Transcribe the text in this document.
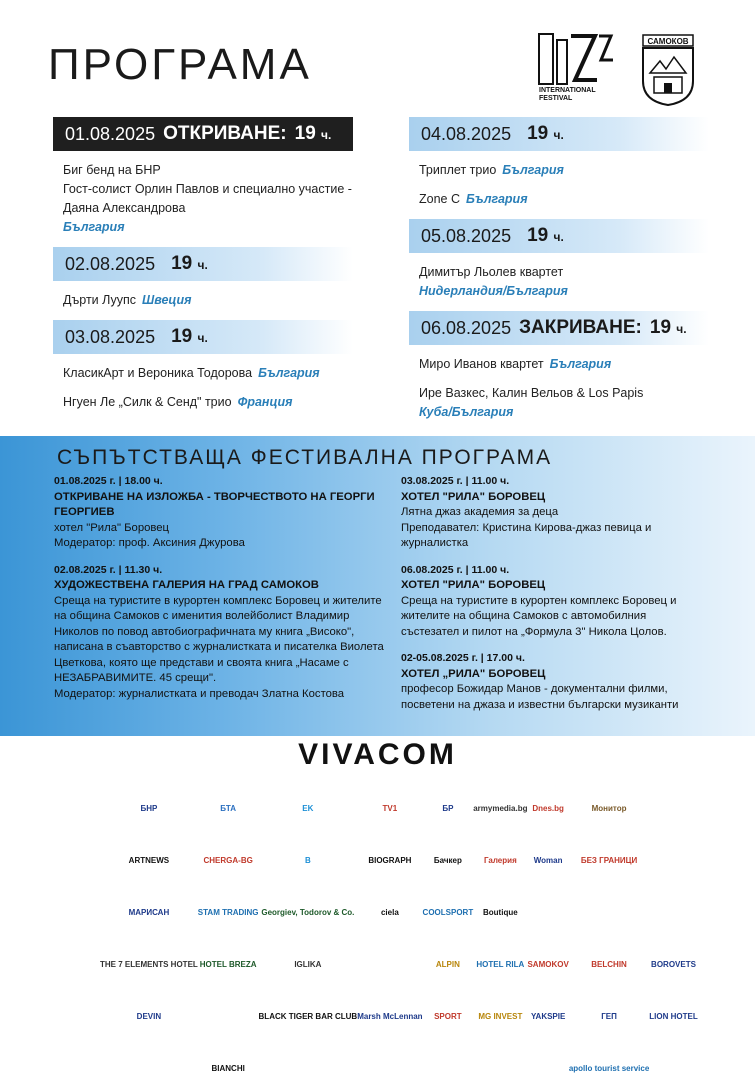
ПРОГРАМА
INTERNATIONAL
FESTIVAL
САМОКОВ
01.08.2025 ОТКРИВАНЕ: 19 ч.
Биг бенд на БНР
Гост-солист Орлин Павлов и специално участие - Даяна Александрова
България
02.08.2025 19 ч.
Дърти Луупс Швеция
03.08.2025 19 ч.
КласикАрт и Вероника Тодорова България
Нгуен Ле „Силк & Сенд" трио Франция
04.08.2025 19 ч.
Триплет трио България
Zone C България
05.08.2025 19 ч.
Димитър Льолев квартет
Нидерландия/България
06.08.2025 ЗАКРИВАНЕ: 19 ч.
Миро Иванов квартет България
Ире Вазкес, Калин Вельов & Los Papis
Куба/България
СЪПЪТСТВАЩА ФЕСТИВАЛНА ПРОГРАМА
01.08.2025 г. | 18.00 ч.
ОТКРИВАНЕ НА ИЗЛОЖБА - ТВОРЧЕСТВОТО НА ГЕОРГИ ГЕОРГИЕВ
хотел "Рила" Боровец
Модератор: проф. Аксиния Джурова
02.08.2025 г. | 11.30 ч.
ХУДОЖЕСТВЕНА ГАЛЕРИЯ НА ГРАД САМОКОВ
Среща на туристите в курортен комплекс Боровец и жителите на община Самоков с именития волейболист Владимир Николов по повод автобиографичната му книга „Високо", написана в съавторство с журналистката и писателка Виолета Цветкова, която ще представи и своята книга „Насаме с НЕЗАБРАВИМИТЕ. 45 срещи".
Модератор: журналистката и преводач Златна Костова
03.08.2025 г. | 11.00 ч.
ХОТЕЛ "РИЛА" БОРОВЕЦ
Лятна джаз академия за деца
Преподавател: Кристина Кирова-джаз певица и журналистка
06.08.2025 г. | 11.00 ч.
ХОТЕЛ "РИЛА" БОРОВЕЦ
Среща на туристите в курортен комплекс Боровец и жителите на община Самоков с автомобилния състезател и пилот на „Формула 3" Никола Цолов.
02-05.08.2025 г. | 17.00 ч.
ХОТЕЛ „РИЛА" БОРОВЕЦ
професор Божидар Манов - документални филми, посветени на джаза и известни български музиканти
VIVACOM
БНР	БТА	EK	TV1	БР	armymedia.bg Dnes.bg	Монитор
ARTNEWS	CHERGA-BG	B	BIOGRAPH	Бачкер	Галерия	Woman	БЕЗ ГРАНИЦИ
МАРИСАН	STAM TRADING Georgiev, Todorov & Co.	ciela	COOLSPORT	Boutique
THE 7 ELEMENTS HOTEL HOTEL BREZA	IGLIKA	ALPIN	HOTEL RILA SAMOKOV	BELCHIN	BOROVETS
DEVIN	BLACK TIGER BAR CLUB Marsh McLennan	SPORT	MG INVEST	YAKSPIE	ГЕП	LION HOTEL
BIANCHI	apollo tourist service
